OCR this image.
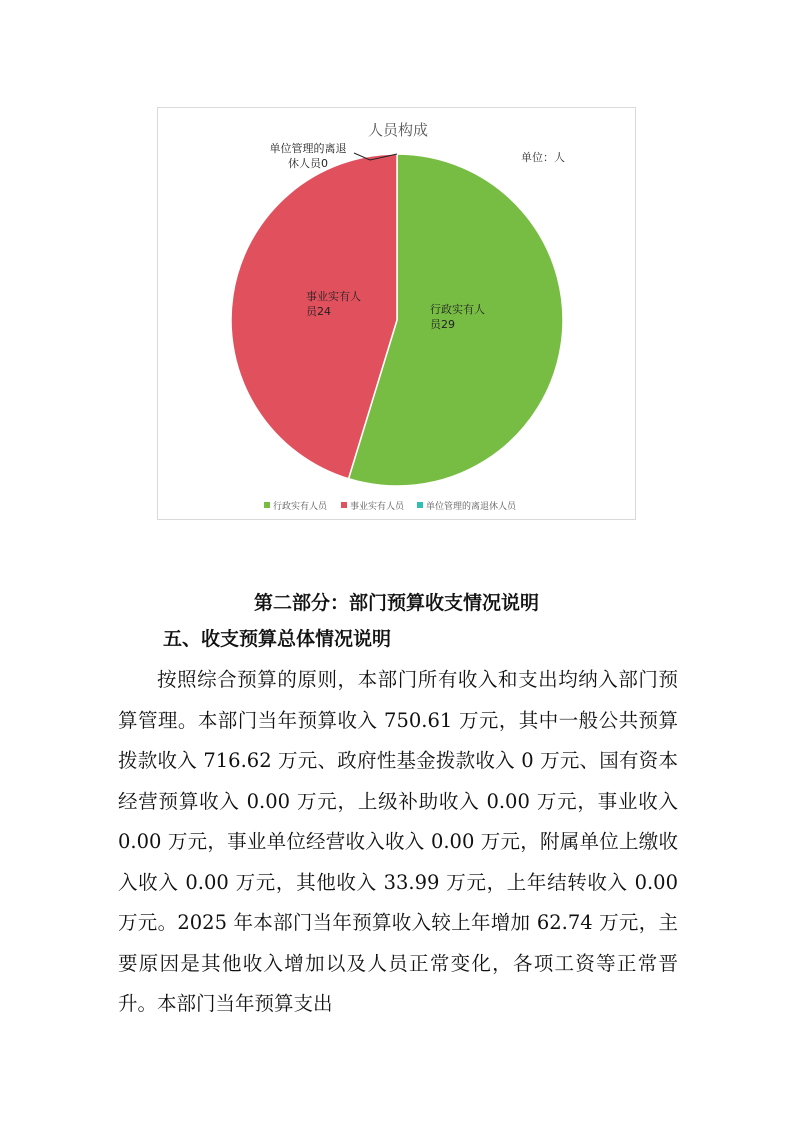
人员构成
单位：人
行政实有人员29
事业实有人员24
单位管理的离退休人员0
行政实有人员	事业实有人员 单位管理的离退休人员
第二部分：部门预算收支情况说明
五、收支预算总体情况说明

按照综合预算的原则，本部门所有收入和支出均纳入部门预算管理。本部门当年预算收入 750.61 万元，其中一般公共预算拨款收入 716.62 万元、政府性基金拨款收入 0 万元、国有资本经营预算收入 0.00 万元，上级补助收入 0.00 万元，事业收入 0.00 万元，事业单位经营收入收入 0.00 万元，附属单位上缴收入收入 0.00 万元，其他收入 33.99 万元，上年结转收入 0.00 万元。2025 年本部门当年预算收入较上年增加 62.74 万元，主要原因是其他收入增加以及人员正常变化，各项工资等正常晋升。本部门当年预算支出
